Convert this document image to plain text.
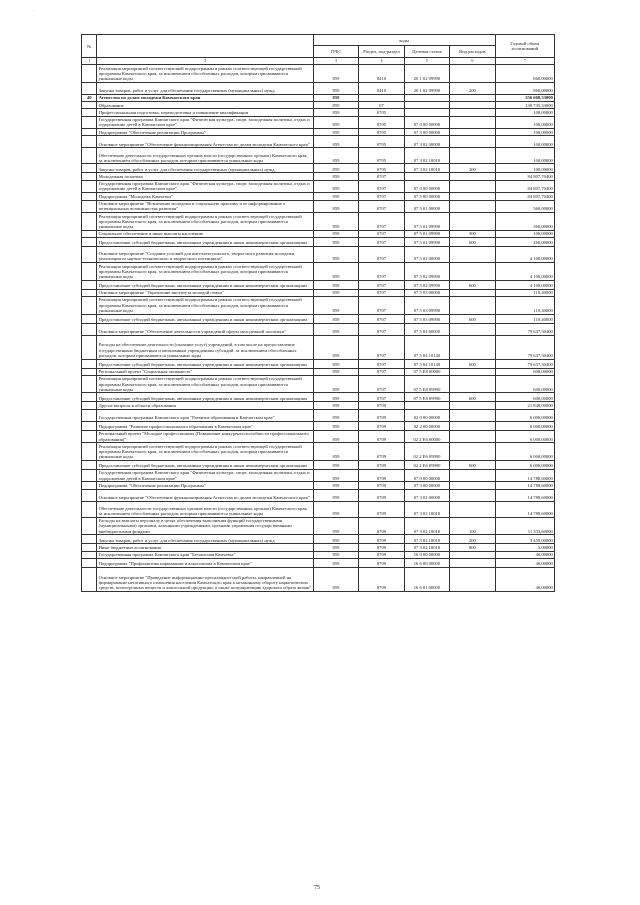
·
№		коды				Годовой объем ассигнований
		ГРБС	Раздел, под-раздел	Целевая статья	Вид расходов	
1	2	3	4	5	6	7
	Реализация мероприятий соответствующей подпрограммы в рамках соответствующей государственной программы Камчатского края, за исключением обособленных расходов, которым присваиваются уникальные коды	859	0410	20 1 02 09990		860,00000
	Закупка товаров, работ и услуг для обеспечения государственных (муниципальных) нужд	859	0410	20 1 02 09990	200	860,00000
40	Агентство по делам молодежи Камчатского края	859				256 668,33000
	Образование	859	07			130 735,33000
	Профессиональная подготовка, переподготовка и повышение квалификации	859	0705			100,00000
	Государственная программа Камчатского края "Физическая культура, спорт, молодежная политика, отдых и оздоровление детей в Камчатском крае"	859	0705	07 0 00 00000		100,00000
	Подпрограмма "Обеспечение реализации Программы"	859	0705	07 3 00 00000		100,00000
	Основное мероприятие "Обеспечение функционирования Агентства по делам молодежи Камчатского края"	859	0705	07 3 02 00000		100,00000
	Обеспечение деятельности государственных органов власти (государственных органов) Камчатского края, за исключением обособленных расходов, которым присваиваются уникальные коды	859	0705	07 3 02 10010		100,00000
	Закупка товаров, работ и услуг для обеспечения государственных (муниципальных) нужд	859	0705	07 3 02 10010	200	100,00000
	Молодежная политика	859	0707			84 807,70400
	Государственная программа Камчатского края "Физическая культура, спорт, молодежная политика, отдых и оздоровление детей в Камчатском крае"	859	0707	07 0 00 00000		84 807,70400
	Подпрограмма "Молодежь Камчатки"	859	0707	07 5 00 00000		84 807,70400
	Основное мероприятие "Вовлечение молодежи в социальную практику и ее информирование о потенциальных возможностях развития"	859	0707	07 5 01 00000		360,00000
	Реализация мероприятий соответствующей подпрограммы в рамках соответствующей государственной программы Камчатского края, за исключением обособленных расходов, которым присваиваются уникальные коды	859	0707	07 5 01 09990		360,00000
	Социальное обеспечение и иные выплаты населению	859	0707	07 5 01 09990	300	100,00000
	Предоставление субсидий бюджетным, автономным учреждениям и иным некоммерческим организациям	859	0707	07 5 01 09990	600	260,00000
	Основное мероприятие "Создание условий для интеллектуального, творческого развития молодежи, реализации ее научно-технического и творческого потенциала"	859	0707	07 5 02 00000		4 100,00000
	Реализация мероприятий соответствующей подпрограммы в рамках соответствующей государственной программы Камчатского края, за исключением обособленных расходов, которым присваиваются уникальные коды	859	0707	07 5 02 09990		4 100,00000
	Предоставление субсидий бюджетным, автономным учреждениям и иным некоммерческим организациям	859	0707	07 5 02 09990	600	4 100,00000
	Основное мероприятие "Укрепление института молодой семьи"	859	0707	07 5 03 00000		110,40000
	Реализация мероприятий соответствующей подпрограммы в рамках соответствующей государственной программы Камчатского края, за исключением обособленных расходов, которым присваиваются уникальные коды	859	0707	07 5 03 09990		110,40000
	Предоставление субсидий бюджетным, автономным учреждениям и иным некоммерческим организациям	859	0707	07 5 03 09990	600	110,40000
	Основное мероприятие "Обеспечение деятельности учреждений сферы молодежной политики"	859	0707	07 5 04 00000		79 637,30400
	Расходы на обеспечение деятельности (оказание услуг) учреждений, в том числе на предоставление государственным бюджетным и автономным учреждениям субсидий, за исключением обособленных расходов, которым присваиваются уникальные коды	859	0707	07 5 04 10140		79 637,30400
	Предоставление субсидий бюджетным, автономным учреждениям и иным некоммерческим организациям	859	0707	07 5 04 10140	600	79 637,30400
	Региональный проект "Социальная активность"	859	0707	07 5 E8 00000		600,00000
	Реализация мероприятий соответствующей подпрограммы в рамках соответствующей государственной программы Камчатского края, за исключением обособленных расходов, которым присваиваются уникальные коды	859	0707	07 5 E8 09990		600,00000
	Предоставление субсидий бюджетным, автономным учреждениям и иным некоммерческим организациям	859	0707	07 5 E8 09990	600	600,00000
	Другие вопросы в области образования	859	0709			21 848,00000
	Государственная программа Камчатского края "Развитие образования в Камчатском крае"	859	0709	02 0 00 00000		6 000,00000
	Подпрограмма "Развитие профессионального образования в Камчатском крае"	859	0709	02 2 00 00000		6 000,00000
	Региональный проект "Молодые профессионалы (Повышение конкурентоспособности профессионального образования)"	859	0709	02 2 E6 00000		6 000,00000
	Реализация мероприятий соответствующей подпрограммы в рамках соответствующей государственной программы Камчатского края, за исключением обособленных расходов, которым присваиваются уникальные коды	859	0709	02 2 E6 09990		6 000,00000
	Предоставление субсидий бюджетным, автономным учреждениям и иным некоммерческим организациям	859	0709	02 2 E6 09990	600	6 000,00000
	Государственная программа Камчатского края "Физическая культура, спорт, молодежная политика, отдых и оздоровление детей в Камчатском крае"	859	0709	07 0 00 00000		14 788,60000
	Подпрограмма "Обеспечение реализации Программы"	859	0709	07 3 00 00000		14 788,60000
	Основное мероприятие "Обеспечение функционирования Агентства по делам молодежи Камчатского края"	859	0709	07 3 02 00000		14 788,60000
	Обеспечение деятельности государственных органов власти (государственных органов) Камчатского края, за исключением обособленных расходов, которым присваиваются уникальные коды	859	0709	07 3 02 10010		14 788,60000
	Расходы на выплаты персоналу в целях обеспечения выполнения функций государственными (муниципальными) органами, казенными учреждениями, органами управления государственными внебюджетными фондами	859	0709	07 3 02 10010	100	11 333,60000
	Закупка товаров, работ и услуг для обеспечения государственных (муниципальных) нужд	859	0709	07 3 02 10010	200	3 450,00000
	Иные бюджетные ассигнования	859	0709	07 3 02 10010	800	5,00000
	Государственная программа Камчатского края "Безопасная Камчатка"	859	0709	16 0 00 00000		40,00000
	Подпрограмма "Профилактика наркомании и алкоголизма в Камчатском крае"	859	0709	16 6 00 00000		40,00000
	Основное мероприятие "Проведение информационно-пропагандистской работы, направленной на формирование негативного отношения населения Камчатского края к незаконному обороту наркотических средств, психотропных веществ и алкогольной продукции, а также популяризацию здорового образа жизни"	859	0709	16 6 01 00000		40,00000
75
